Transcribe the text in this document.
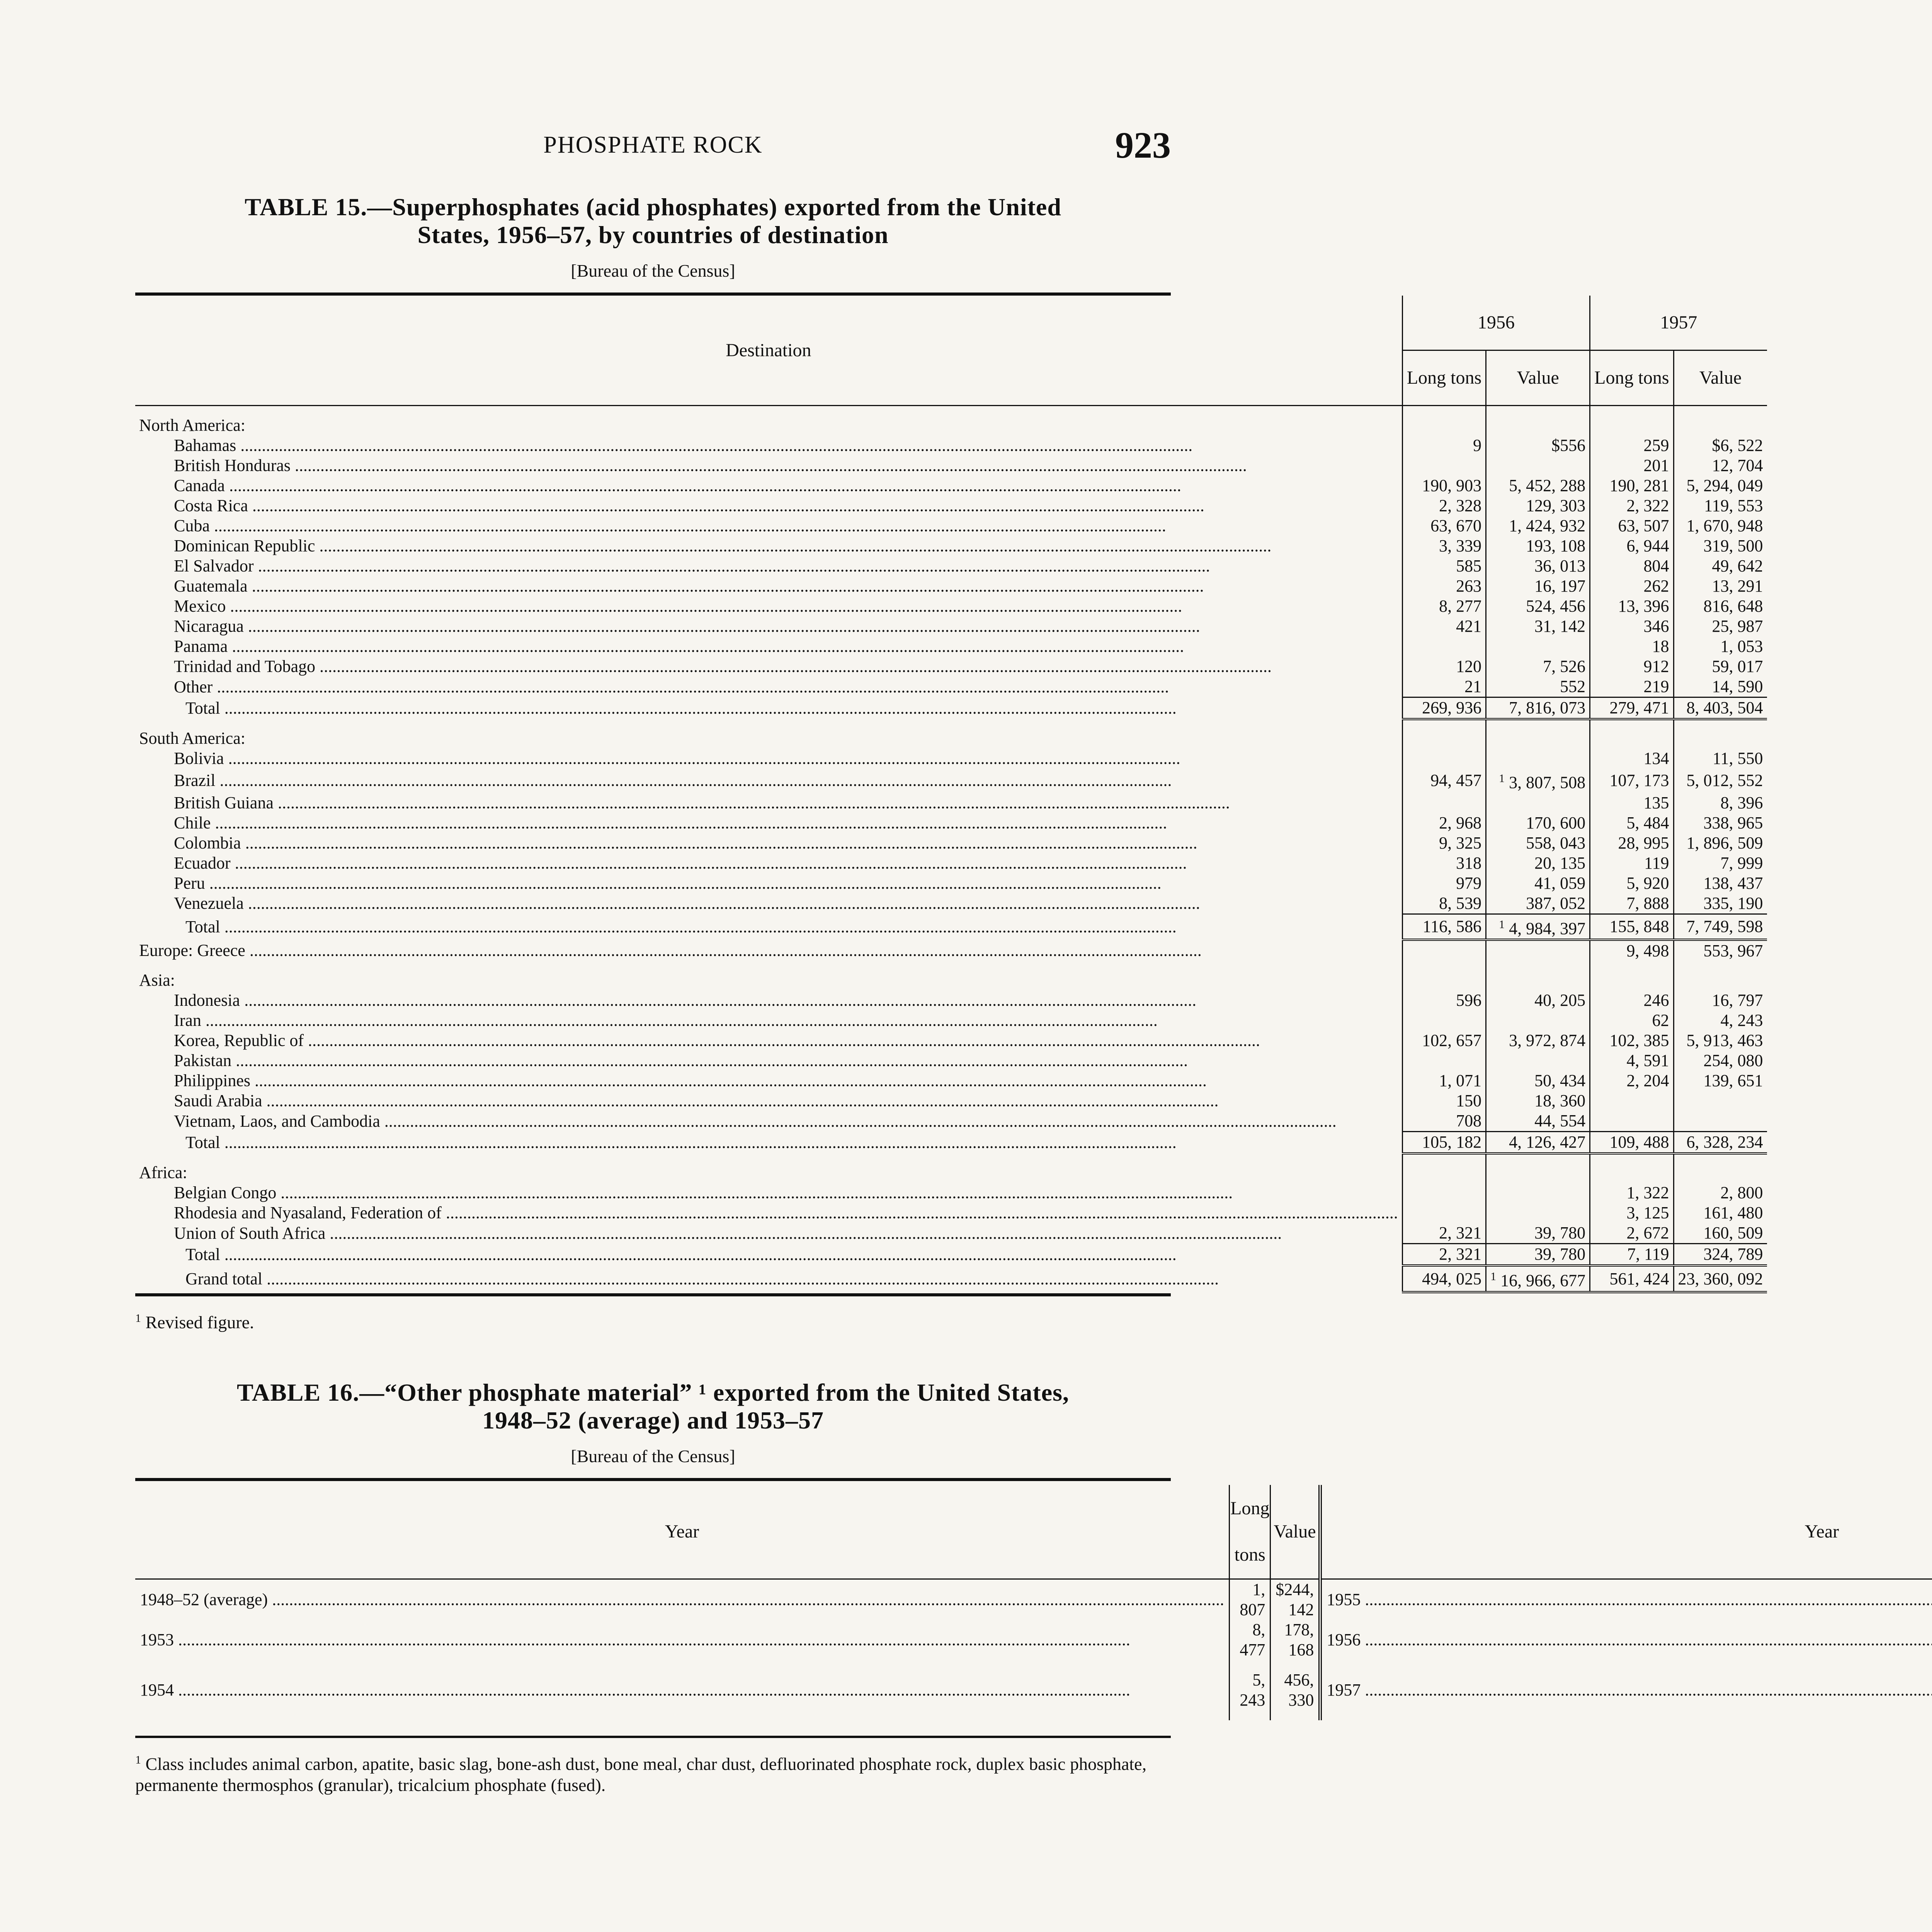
PHOSPHATE ROCK	923
TABLE 15.—Superphosphates (acid phosphates) exported from the United
States, 1956–57, by countries of destination
[Bureau of the Census]
Destination	1956		1957	
	Long tons	Value	Long tons	Value
North America:				
Bahamas .....	9	$556	259	$6, 522
British Honduras .....			201	12, 704
Canada .....	190, 903	5, 452, 288	190, 281	5, 294, 049
Costa Rica .....	2, 328	129, 303	2, 322	119, 553
Cuba .....	63, 670	1, 424, 932	63, 507	1, 670, 948
Dominican Republic .....	3, 339	193, 108	6, 944	319, 500
El Salvador .....	585	36, 013	804	49, 642
Guatemala .....	263	16, 197	262	13, 291
Mexico .....	8, 277	524, 456	13, 396	816, 648
Nicaragua .....	421	31, 142	346	25, 987
Panama .....			18	1, 053
Trinidad and Tobago .....	120	7, 526	912	59, 017
Other .....	21	552	219	14, 590
Total .....	269, 936	7, 816, 073	279, 471	8, 403, 504
South America:				
Bolivia .....			134	11, 550
Brazil .....	94, 457	$^1$ 3, 807, 508	107, 173	5, 012, 552
British Guiana .....			135	8, 396
Chile .....	2, 968	170, 600	5, 484	338, 965
Colombia .....	9, 325	558, 043	28, 995	1, 896, 509
Ecuador .....	318	20, 135	119	7, 999
Peru .....	979	41, 059	5, 920	138, 437
Venezuela .....	8, 539	387, 052	7, 888	335, 190
Total .....	116, 586	$^1$ 4, 984, 397	155, 848	7, 749, 598
Europe: Greece .....			9, 498	553, 967
Asia:				
Indonesia .....	596	40, 205	246	16, 797
Iran .....			62	4, 243
Korea, Republic of .....	102, 657	3, 972, 874	102, 385	5, 913, 463
Pakistan .....			4, 591	254, 080
Philippines .....	1, 071	50, 434	2, 204	139, 651
Saudi Arabia .....	150	18, 360		
Vietnam, Laos, and Cambodia .....	708	44, 554		
Total .....	105, 182	4, 126, 427	109, 488	6, 328, 234
Africa:				
Belgian Congo .....			1, 322	2, 800
Rhodesia and Nyasaland, Federation of .....			3, 125	161, 480
Union of South Africa .....	2, 321	39, 780	2, 672	160, 509
Total .....	2, 321	39, 780	7, 119	324, 789
Grand total .....	494, 025	$^1$ 16, 966, 677	561, 424	23, 360, 092
$^1$ Revised figure.
TABLE 16.—“Other phosphate material” ¹ exported from the United States,
1948–52 (average) and 1953–57
[Bureau of the Census]
Year	Long tons	Value	Year		
1948–52 (average) .....	1, 807	$244, 142	1955 .....		
1953 .....	8, 477	178, 168	1956 .....		
1954 .....	5, 243	456, 330	1957 .....		
$^1$ Class includes animal carbon, apatite, basic slag, bone-ash dust, bone meal, char dust, defluorinated phosphate rock, duplex basic phosphate, permanente thermosphos (granular), tricalcium phosphate (fused).
